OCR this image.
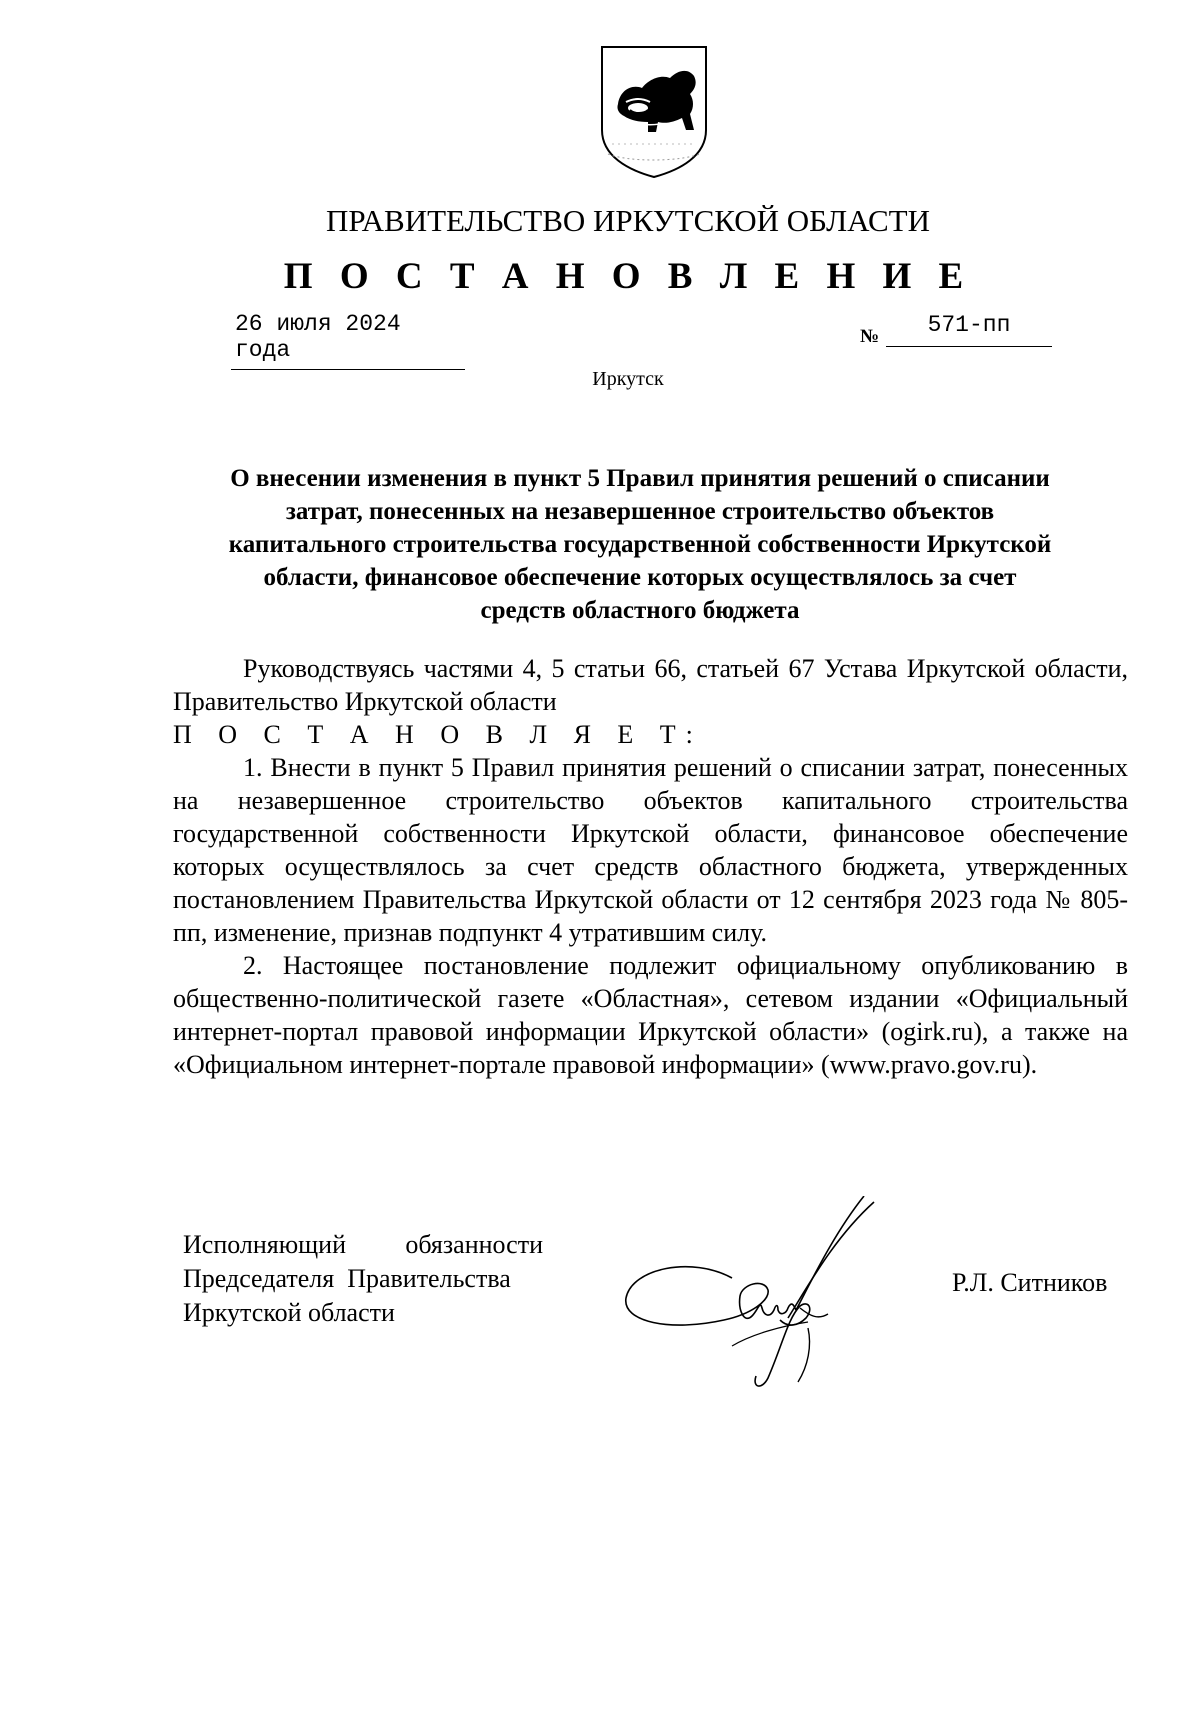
ПРАВИТЕЛЬСТВО ИРКУТСКОЙ ОБЛАСТИ
П О С Т А Н О В Л Е Н И Е
26 июля 2024 года
№	571-пп
Иркутск
О внесении изменения в пункт 5 Правил принятия решений о списании
затрат, понесенных на незавершенное строительство объектов
капитального строительства государственной собственности Иркутской
области, финансовое обеспечение которых осуществлялось за счет
средств областного бюджета

Руководствуясь частями 4, 5 статьи 66, статьей 67 Устава Иркутской области, Правительство Иркутской области

П О С Т А Н О В Л Я Е Т:

1. Внести в пункт 5 Правил принятия решений о списании затрат, понесенных на незавершенное строительство объектов капитального строительства государственной собственности Иркутской области, финансовое обеспечение которых осуществлялось за счет средств областного бюджета, утвержденных постановлением Правительства Иркутской области от 12 сентября 2023 года № 805-пп, изменение, признав подпункт 4 утратившим силу.

2. Настоящее постановление подлежит официальному опубликованию в общественно-политической газете «Областная», сетевом издании «Официальный интернет-портал правовой информации Иркутской области» (ogirk.ru), а также на «Официальном интернет-портале правовой информации» (www.pravo.gov.ru).

Исполняющий обязанности
Председателя  Правительства
Иркутской области
Р.Л. Ситников
